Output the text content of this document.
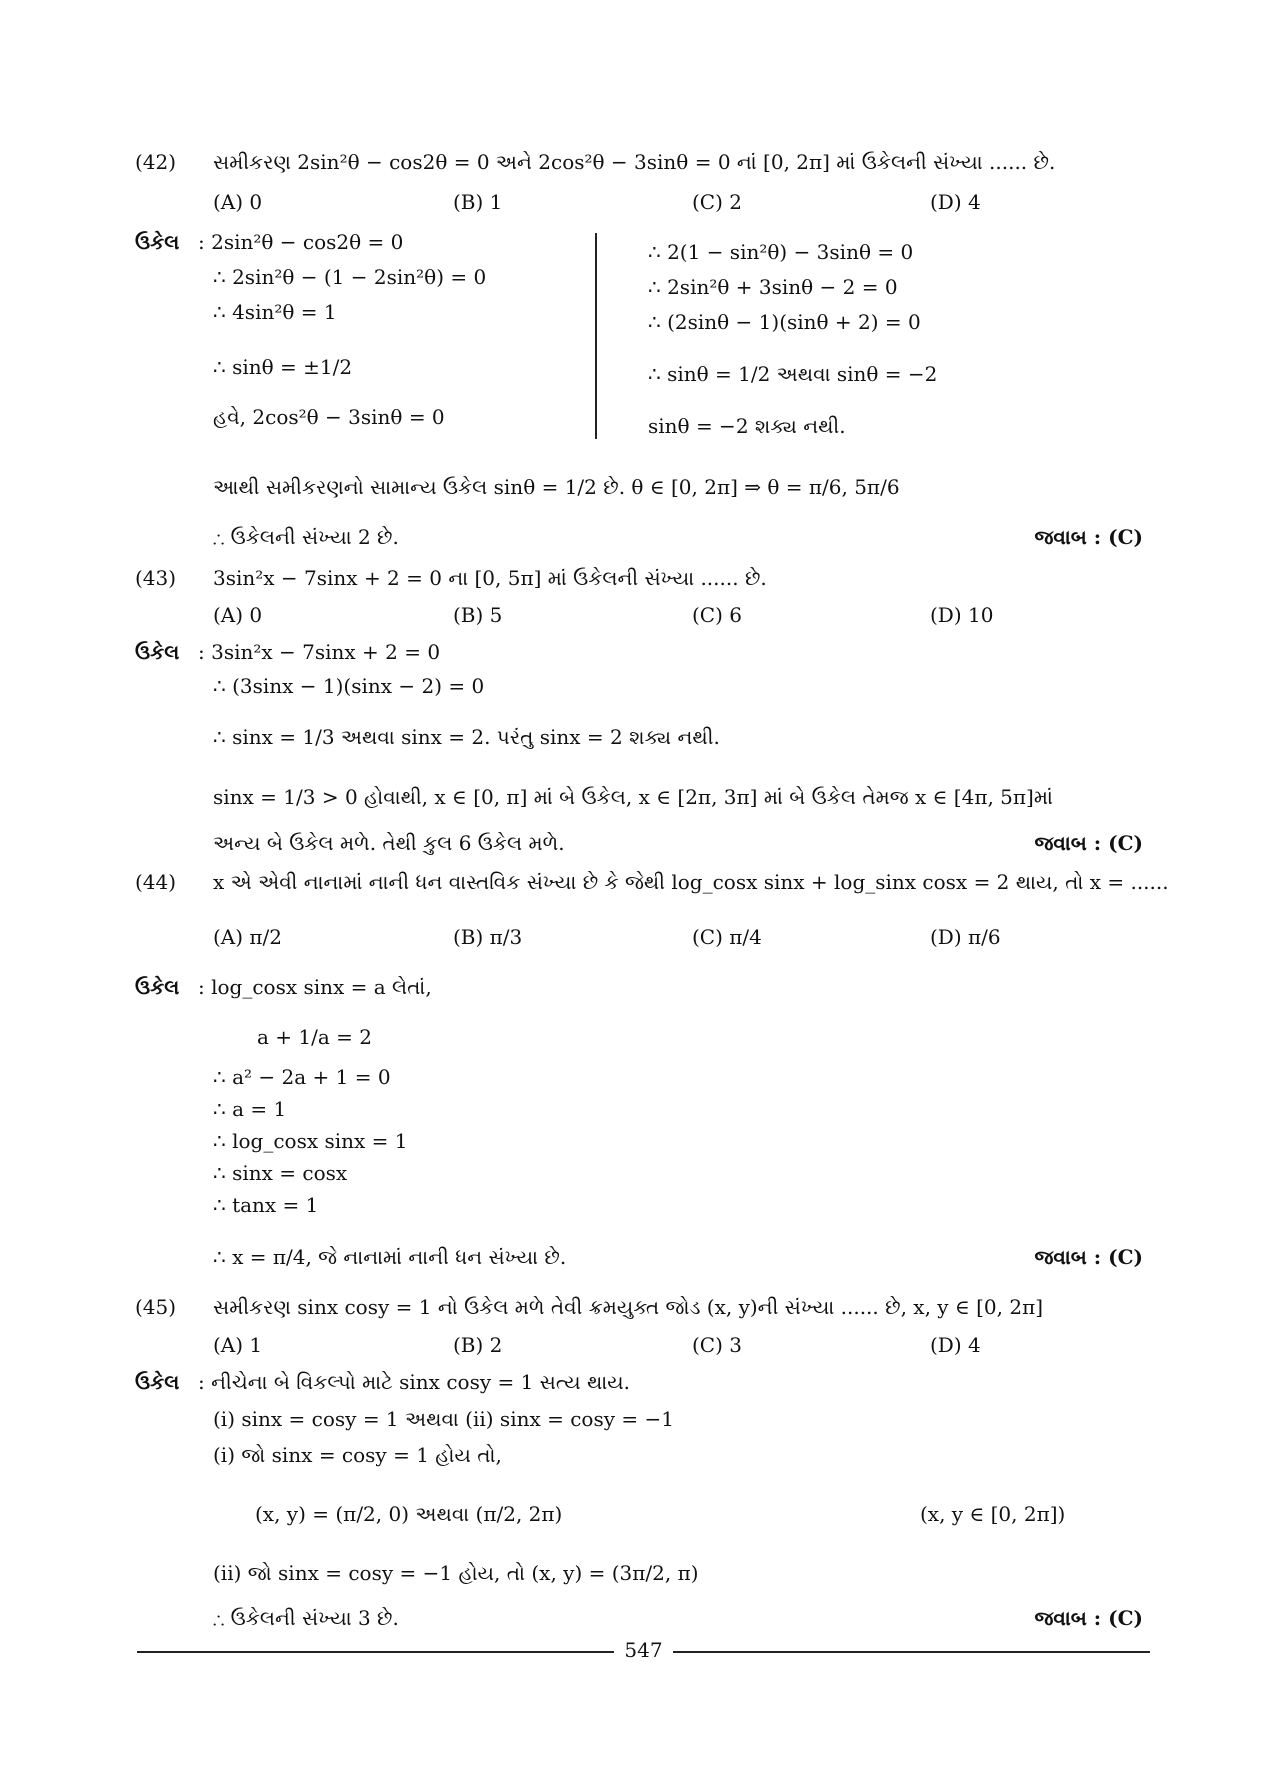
(42) સમીકરણ 2sin²θ − cos2θ = 0 અને 2cos²θ − 3sinθ = 0 નાં [0, 2π] માં ઉકેલની સંખ્યા ...... છે.
(A) 0	(B) 1	(C) 2	(D) 4
ઉકેલ : 2sin²θ − cos2θ = 0
∴ 2sin²θ − (1 − 2sin²θ) = 0
∴ 4sin²θ = 1
∴ sinθ = ±1/2
હવે, 2cos²θ − 3sinθ = 0
∴ 2(1 − sin²θ) − 3sinθ = 0
∴ 2sin²θ + 3sinθ − 2 = 0
∴ (2sinθ − 1)(sinθ + 2) = 0
∴ sinθ = 1/2 અથવા sinθ = −2
sinθ = −2 શક્ય નથી.
આથી સમીકરણનો સામાન્ય ઉકેલ sinθ = 1/2 છે. θ ∈ [0, 2π] ⇒ θ = π/6, 5π/6
∴ ઉકેલની સંખ્યા 2 છે.	જવાબ : (C)
(43) 3sin²x − 7sinx + 2 = 0 ના [0, 5π] માં ઉકેલની સંખ્યા ...... છે.
(A) 0	(B) 5	(C) 6	(D) 10
ઉકેલ : 3sin²x − 7sinx + 2 = 0
∴ (3sinx − 1)(sinx − 2) = 0
∴ sinx = 1/3 અથવા sinx = 2. પરંતુ sinx = 2 શક્ય નથી.
sinx = 1/3 > 0 હોવાથી, x ∈ [0, π] માં બે ઉકેલ, x ∈ [2π, 3π] માં બે ઉકેલ તેમજ x ∈ [4π, 5π]માં
અન્ય બે ઉકેલ મળે. તેથી કુલ 6 ઉકેલ મળે.	જવાબ : (C)
(44) x એ એવી નાનામાં નાની ધન વાસ્તવિક સંખ્યા છે કે જેથી log_cosx sinx + log_sinx cosx = 2 થાય, તો x = ......
(A) π/2	(B) π/3	(C) π/4	(D) π/6
ઉકેલ : log_cosx sinx = a લેતાં,
a + 1/a = 2
∴ a² − 2a + 1 = 0
∴ a = 1
∴ log_cosx sinx = 1
∴ sinx = cosx
∴ tanx = 1
∴ x = π/4, જે નાનામાં નાની ધન સંખ્યા છે.	જવાબ : (C)
(45) સમીકરણ sinx cosy = 1 નો ઉકેલ મળે તેવી ક્રમયુક્ત જોડ (x, y)ની સંખ્યા ...... છે, x, y ∈ [0, 2π]
(A) 1	(B) 2	(C) 3	(D) 4
ઉકેલ : નીચેના બે વિકલ્પો માટે sinx cosy = 1 સત્ય થાય.
(i) sinx = cosy = 1 અથવા (ii) sinx = cosy = −1
(i) જો sinx = cosy = 1 હોય તો,
(x, y) = (π/2, 0) અથવા (π/2, 2π)	(x, y ∈ [0, 2π])
(ii) જો sinx = cosy = −1 હોય, તો (x, y) = (3π/2, π)
∴ ઉકેલની સંખ્યા 3 છે.	જવાબ : (C)
547
